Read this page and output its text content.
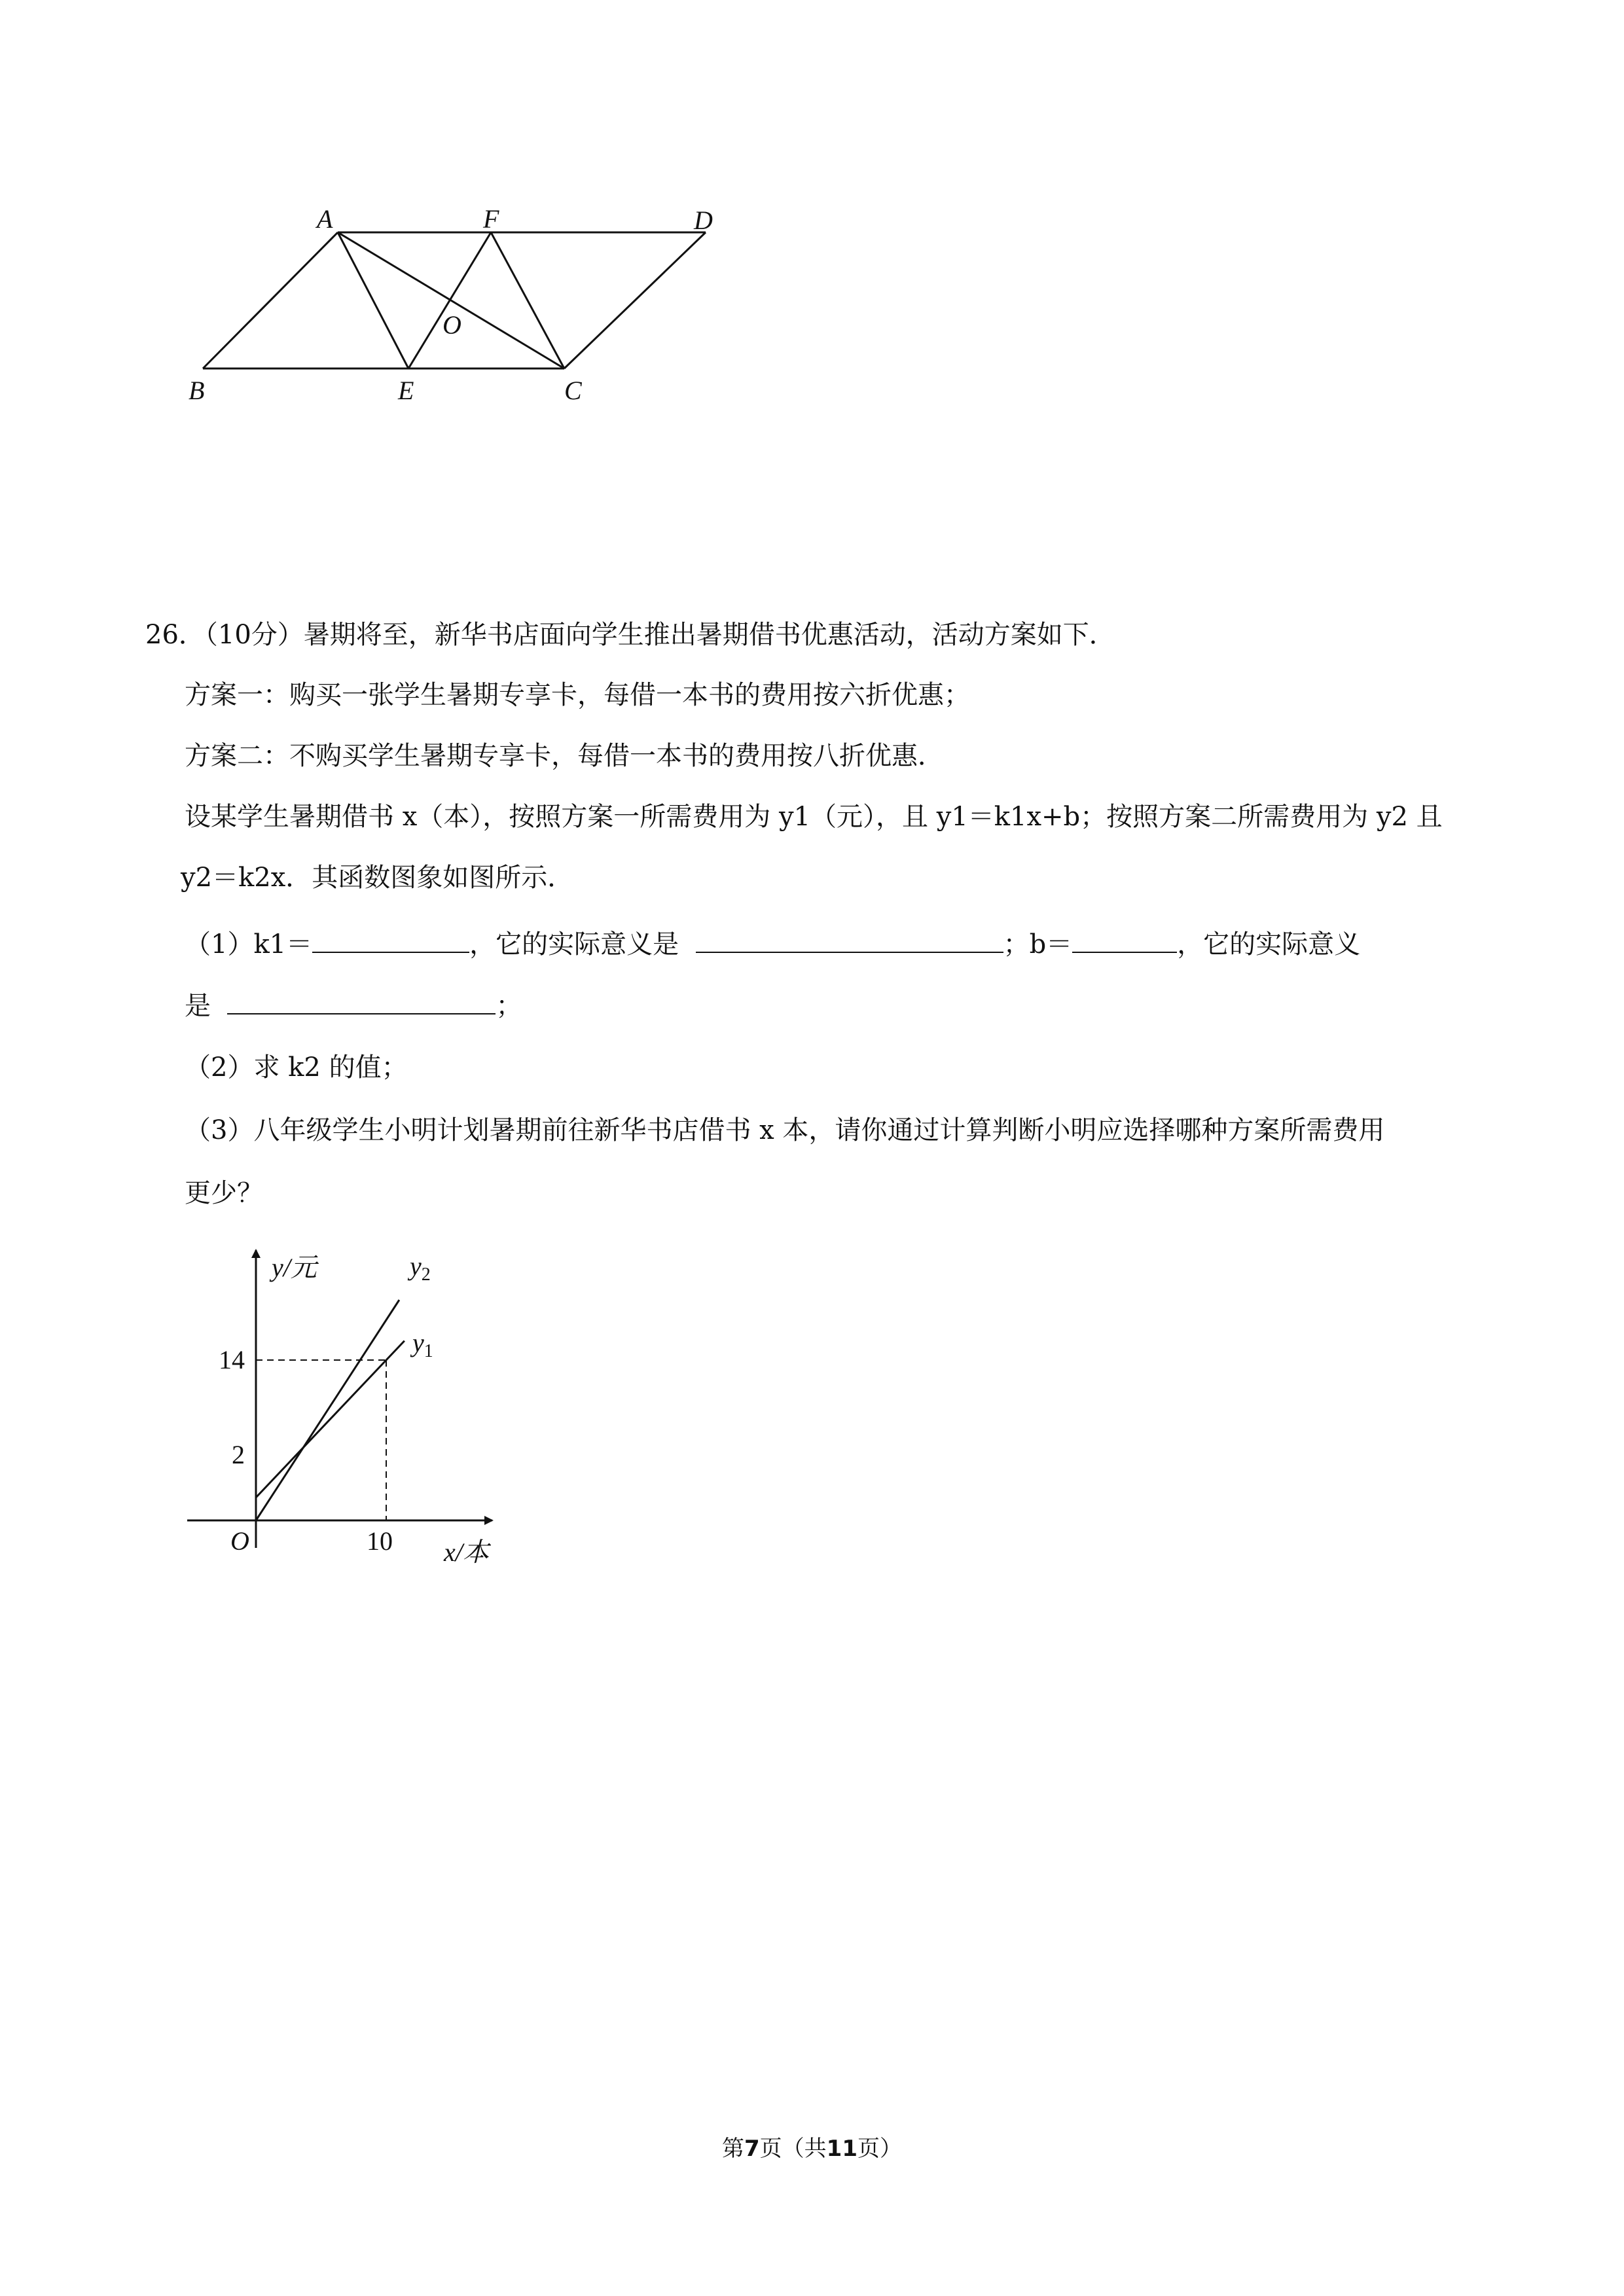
A	F	D
B	E	C
O
26．（10分）暑期将至，新华书店面向学生推出暑期借书优惠活动，活动方案如下．
方案一：购买一张学生暑期专享卡，每借一本书的费用按六折优惠；
方案二：不购买学生暑期专享卡，每借一本书的费用按八折优惠．
设某学生暑期借书 x（本），按照方案一所需费用为 y1（元），且 y1＝k1x+b；按照方案二所需费用为 y2 且
y2＝k2x．其函数图象如图所示．
（1）k1＝	，它的实际意义是	；b＝	，它的实际意义
是	；
（2）求 k2 的值；
（3）八年级学生小明计划暑期前往新华书店借书 x 本，请你通过计算判断小明应选择哪种方案所需费用
更少？
y/元
x/本
O
14
2
10
$y_1$
$y_2$
第7页（共11页）
